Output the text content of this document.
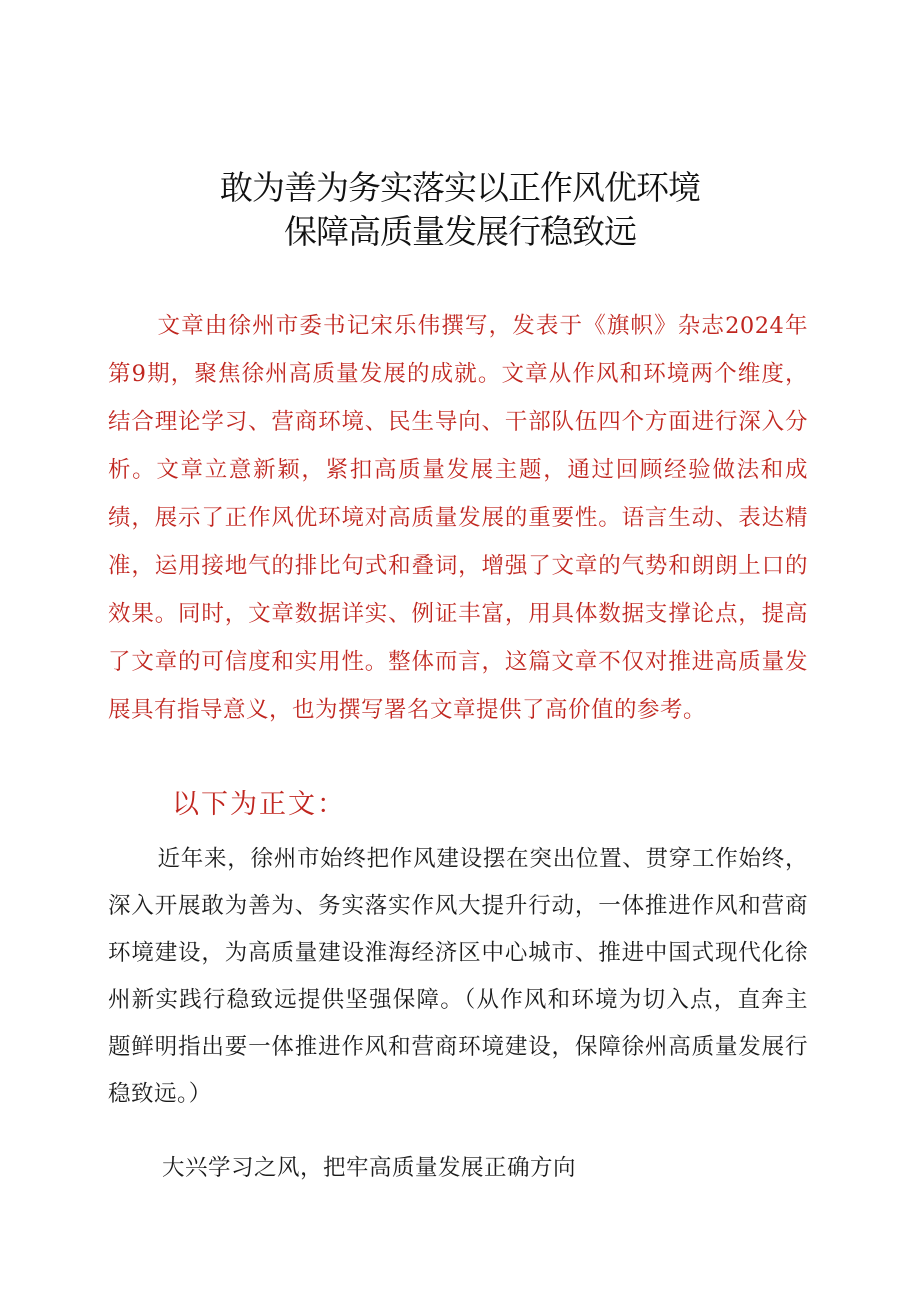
敢为善为务实落实以正作风优环境
保障高质量发展行稳致远

文章由徐州市委书记宋乐伟撰写，发表于《旗帜》杂志2024年第9期，聚焦徐州高质量发展的成就。文章从作风和环境两个维度，结合理论学习、营商环境、民生导向、干部队伍四个方面进行深入分析。文章立意新颖，紧扣高质量发展主题，通过回顾经验做法和成绩，展示了正作风优环境对高质量发展的重要性。语言生动、表达精准，运用接地气的排比句式和叠词，增强了文章的气势和朗朗上口的效果。同时，文章数据详实、例证丰富，用具体数据支撑论点，提高了文章的可信度和实用性。整体而言，这篇文章不仅对推进高质量发展具有指导意义，也为撰写署名文章提供了高价值的参考。

以下为正文：

近年来，徐州市始终把作风建设摆在突出位置、贯穿工作始终，深入开展敢为善为、务实落实作风大提升行动，一体推进作风和营商环境建设，为高质量建设淮海经济区中心城市、推进中国式现代化徐州新实践行稳致远提供坚强保障。（从作风和环境为切入点，直奔主题鲜明指出要一体推进作风和营商环境建设，保障徐州高质量发展行稳致远。）

大兴学习之风，把牢高质量发展正确方向
